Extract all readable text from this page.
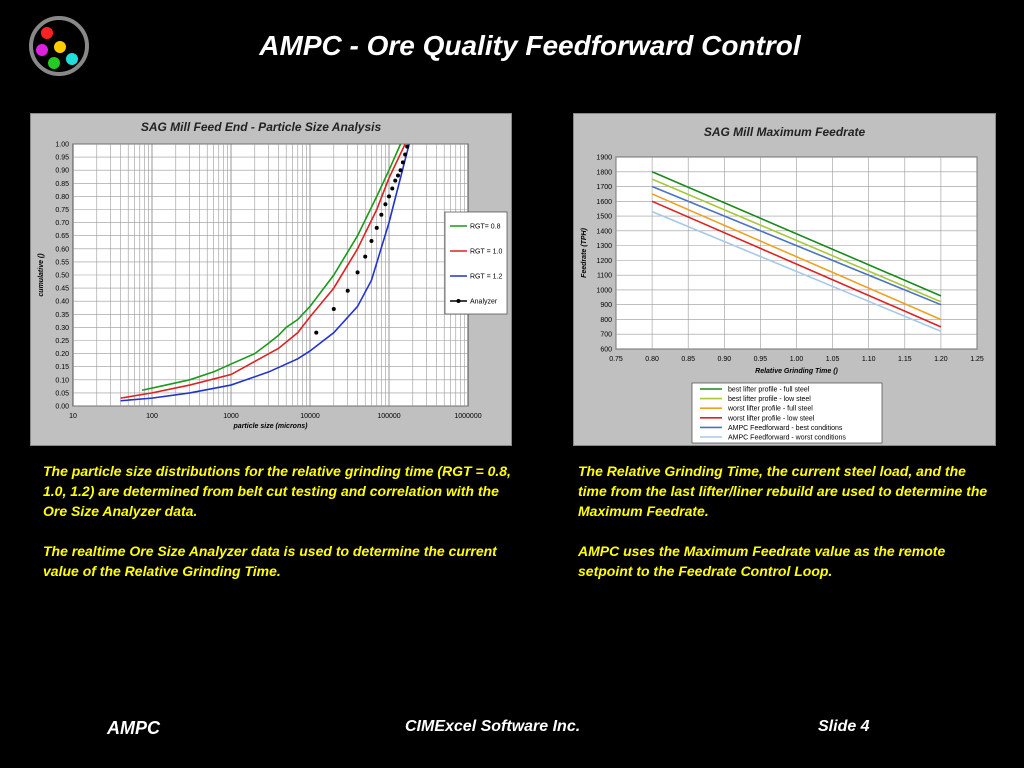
AMPC - Ore Quality Feedforward Control
SAG Mill Feed End - Particle Size Analysis
0.00
0.05
0.10
0.15
0.20
0.25
0.30
0.35
0.40
0.45
0.50
0.55
0.60
0.65
0.70
0.75
0.80
0.85
0.90
0.95
1.00
10	100	1000	10000	100000	1000000
particle size (microns)
cumulative ()
RGT= 0.8
RGT = 1.0
RGT = 1.2
Analyzer
SAG Mill Maximum Feedrate
0.75	0.80	0.85	0.90	0.95	1.00	1.05	1.10	1.15	1.20	1.25
600
700
800
900
1000
1100
1200
1300
1400
1500
1600
1700
1800
1900
Relative Grinding Time ()
Feedrate (TPH)
best lifter profile - full steel
best lifter profile - low steel
worst lifter profile - full steel
worst lifter profile - low steel
AMPC Feedforward - best conditions
AMPC Feedforward - worst conditions

The particle size distributions for the relative grinding time (RGT = 0.8, 1.0, 1.2) are determined from belt cut testing and correlation with the Ore Size Analyzer data.

The realtime Ore Size Analyzer data is used to determine the current value of the Relative Grinding Time.

The Relative Grinding Time, the current steel load, and the time from the last lifter/liner rebuild are used to determine the Maximum Feedrate.

AMPC uses the Maximum Feedrate value as the remote setpoint to the Feedrate Control Loop.

AMPC	CIMExcel Software Inc.	Slide 4
